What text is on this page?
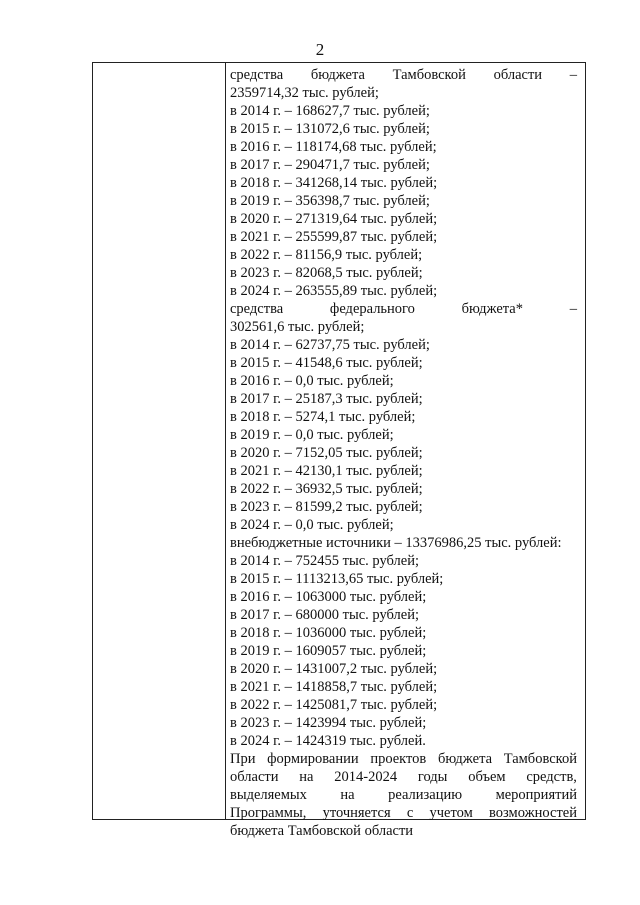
2
средства бюджета Тамбовской области –
2359714,32 тыс. рублей;
в 2014 г. – 168627,7 тыс. рублей;
в 2015 г. – 131072,6 тыс. рублей;
в 2016 г. – 118174,68 тыс. рублей;
в 2017 г. – 290471,7 тыс. рублей;
в 2018 г. – 341268,14 тыс. рублей;
в 2019 г. – 356398,7 тыс. рублей;
в 2020 г. – 271319,64 тыс. рублей;
в 2021 г. – 255599,87 тыс. рублей;
в 2022 г. – 81156,9 тыс. рублей;
в 2023 г. – 82068,5 тыс. рублей;
в 2024 г. – 263555,89 тыс. рублей;
средства	федерального	бюджета*	–
302561,6 тыс. рублей;
в 2014 г. – 62737,75 тыс. рублей;
в 2015 г. – 41548,6 тыс. рублей;
в 2016 г. – 0,0 тыс. рублей;
в 2017 г. – 25187,3 тыс. рублей;
в 2018 г. – 5274,1 тыс. рублей;
в 2019 г. – 0,0 тыс. рублей;
в 2020 г. – 7152,05 тыс. рублей;
в 2021 г. – 42130,1 тыс. рублей;
в 2022 г. – 36932,5 тыс. рублей;
в 2023 г. – 81599,2 тыс. рублей;
в 2024 г. – 0,0 тыс. рублей;
внебюджетные источники – 13376986,25 тыс. рублей:
в 2014 г. – 752455 тыс. рублей;
в 2015 г. – 1113213,65 тыс. рублей;
в 2016 г. – 1063000 тыс. рублей;
в 2017 г. – 680000 тыс. рублей;
в 2018 г. – 1036000 тыс. рублей;
в 2019 г. – 1609057 тыс. рублей;
в 2020 г. – 1431007,2 тыс. рублей;
в 2021 г. – 1418858,7 тыс. рублей;
в 2022 г. – 1425081,7 тыс. рублей;
в 2023 г. – 1423994 тыс. рублей;
в 2024 г. – 1424319 тыс. рублей.
При формировании проектов бюджета Тамбовской
области на 2014-2024 годы объем средств,
выделяемых на реализацию мероприятий
Программы, уточняется с учетом возможностей
бюджета Тамбовской области
